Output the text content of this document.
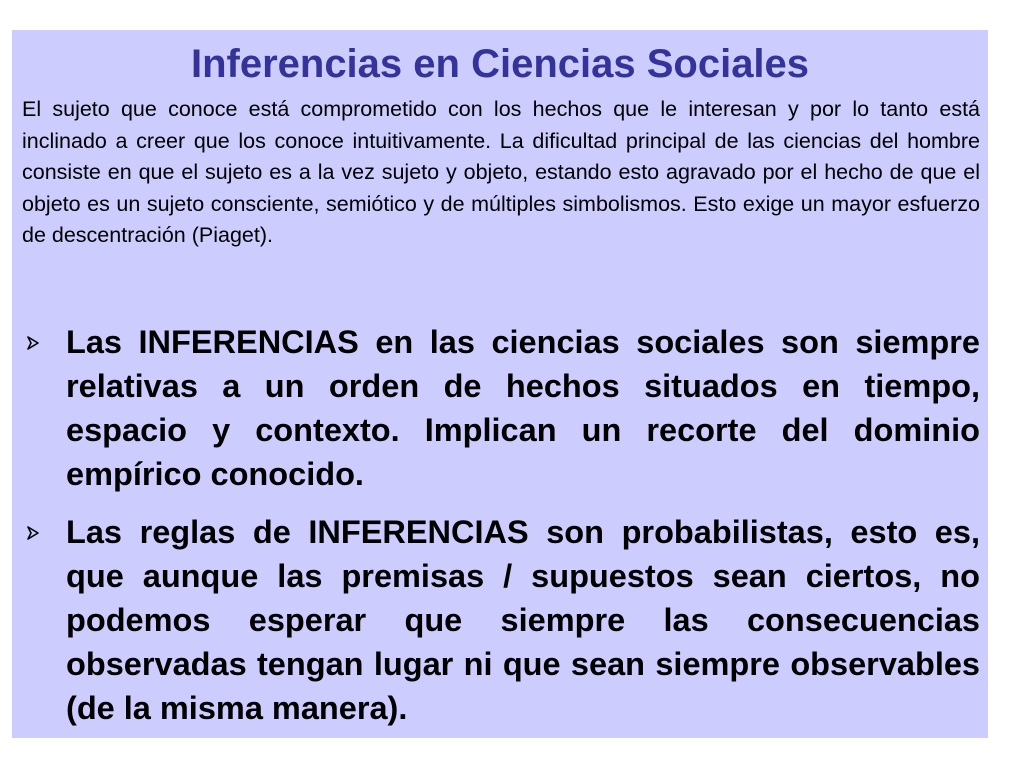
Inferencias en Ciencias Sociales

El sujeto que conoce está comprometido con los hechos que le interesan y por lo tanto está inclinado a creer que los conoce intuitivamente. La dificultad principal de las ciencias del hombre consiste en que el sujeto es a la vez sujeto y objeto, estando esto agravado por el hecho de que el objeto es un sujeto consciente, semiótico y de múltiples simbolismos. Esto exige un mayor esfuerzo de descentración (Piaget).

Las INFERENCIAS en las ciencias sociales son siempre relativas a un orden de hechos situados en tiempo, espacio y contexto. Implican un recorte del dominio empírico conocido.
Las reglas de INFERENCIAS son probabilistas, esto es, que aunque las premisas / supuestos sean ciertos, no podemos esperar que siempre las consecuencias observadas tengan lugar ni que sean siempre observables (de la misma manera).
